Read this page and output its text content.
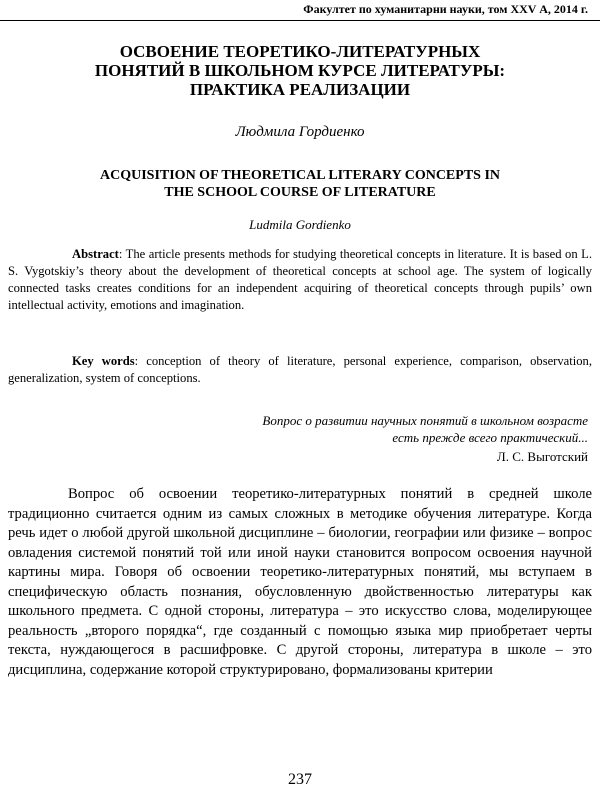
Факултет по хуманитарни науки, том XXV А, 2014 г.
ОСВОЕНИЕ ТЕОРЕТИКО-ЛИТЕРАТУРНЫХ
ПОНЯТИЙ В ШКОЛЬНОМ КУРСЕ ЛИТЕРАТУРЫ:
ПРАКТИКА РЕАЛИЗАЦИИ
Людмила Гордиенко
ACQUISITION OF THEORETICAL LITERARY CONCEPTS IN
THE SCHOOL COURSE OF LITERATURE
Ludmila Gordienko

Abstract: The article presents methods for studying theoretical concepts in literature. It is based on L. S. Vygotskiy’s theory about the development of theoretical concepts at school age. The system of logically connected tasks creates conditions for an independent acquiring of theoretical concepts through pupils’ own intellectual activity, emotions and imagination.

Key words: conception of theory of literature, personal experience, comparison, observation, generalization, system of conceptions.

Вопрос о развитии научных понятий в школьном возрасте
есть прежде всего практический...
Л. С. Выготский

Вопрос об освоении теоретико-литературных понятий в средней школе традиционно считается одним из самых сложных в методике обучения литературе. Когда речь идет о любой другой школьной дисциплине – биологии, географии или физике – вопрос овладения системой понятий той или иной науки становится вопросом освоения научной картины мира. Говоря об освоении теоретико-литературных понятий, мы вступаем в специфическую область познания, обусловленную двойственностью литературы как школьного предмета. С одной стороны, литература – это искусство слова, моделирующее реальность „второго порядка“, где созданный с помощью языка мир приобретает черты текста, нуждающегося в расшифровке. С другой стороны, литература в школе – это дисциплина, содержание которой структурировано, формализованы критерии

237
